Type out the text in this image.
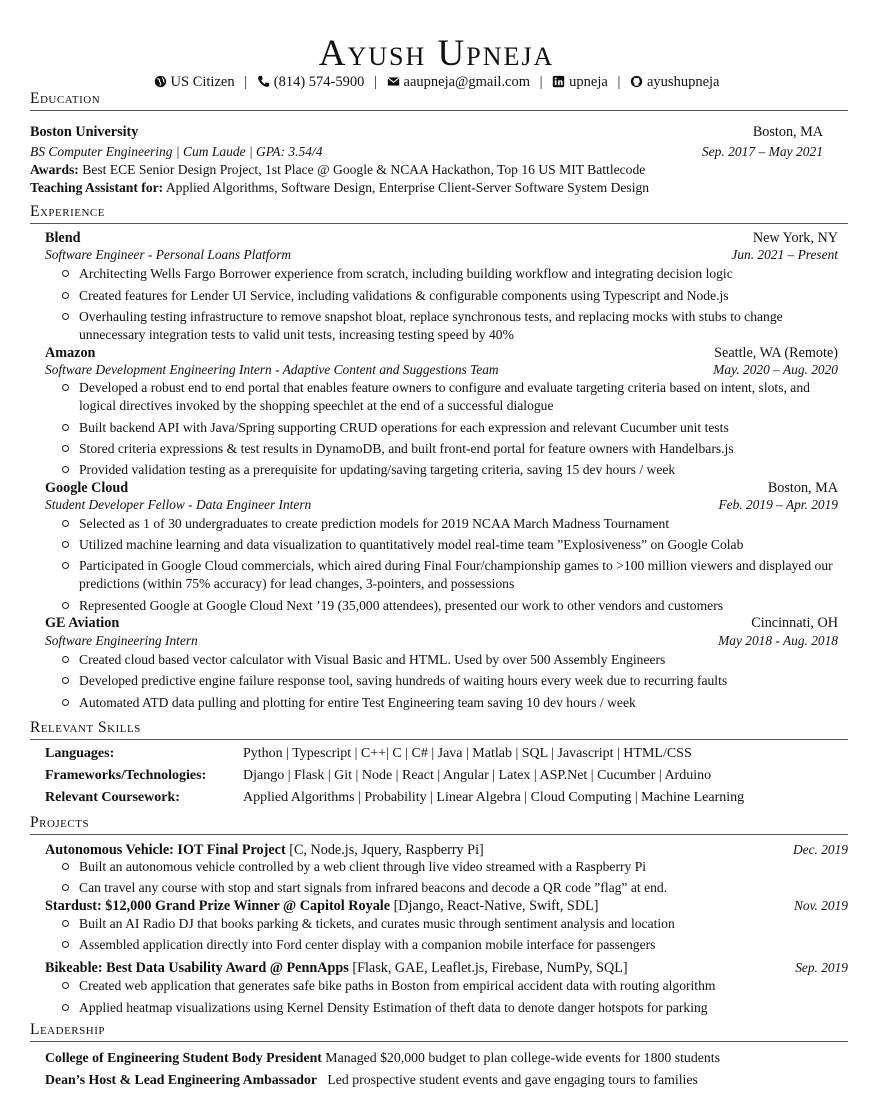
Ayush Upneja
US Citizen | (814) 574-5900 | aaupneja@gmail.com | upneja | ayushupneja
Education
Boston University	Boston, MA
BS Computer Engineering | Cum Laude | GPA: 3.54/4	Sep. 2017 – May 2021
Awards: Best ECE Senior Design Project, 1st Place @ Google & NCAA Hackathon, Top 16 US MIT Battlecode
Teaching Assistant for: Applied Algorithms, Software Design, Enterprise Client-Server Software System Design
Experience
Blend	New York, NY
Software Engineer - Personal Loans Platform	Jun. 2021 – Present
Architecting Wells Fargo Borrower experience from scratch, including building workflow and integrating decision logic
Created features for Lender UI Service, including validations & configurable components using Typescript and Node.js
Overhauling testing infrastructure to remove snapshot bloat, replace synchronous tests, and replacing mocks with stubs to change unnecessary integration tests to valid unit tests, increasing testing speed by 40%
Amazon	Seattle, WA (Remote)
Software Development Engineering Intern - Adaptive Content and Suggestions Team	May. 2020 – Aug. 2020
Developed a robust end to end portal that enables feature owners to configure and evaluate targeting criteria based on intent, slots, and logical directives invoked by the shopping speechlet at the end of a successful dialogue
Built backend API with Java/Spring supporting CRUD operations for each expression and relevant Cucumber unit tests
Stored criteria expressions & test results in DynamoDB, and built front-end portal for feature owners with Handelbars.js
Provided validation testing as a prerequisite for updating/saving targeting criteria, saving 15 dev hours / week
Google Cloud	Boston, MA
Student Developer Fellow - Data Engineer Intern	Feb. 2019 – Apr. 2019
Selected as 1 of 30 undergraduates to create prediction models for 2019 NCAA March Madness Tournament
Utilized machine learning and data visualization to quantitatively model real-time team ”Explosiveness” on Google Colab
Participated in Google Cloud commercials, which aired during Final Four/championship games to >100 million viewers and displayed our predictions (within 75% accuracy) for lead changes, 3-pointers, and possessions
Represented Google at Google Cloud Next ’19 (35,000 attendees), presented our work to other vendors and customers
GE Aviation	Cincinnati, OH
Software Engineering Intern	May 2018 - Aug. 2018
Created cloud based vector calculator with Visual Basic and HTML. Used by over 500 Assembly Engineers
Developed predictive engine failure response tool, saving hundreds of waiting hours every week due to recurring faults
Automated ATD data pulling and plotting for entire Test Engineering team saving 10 dev hours / week
Relevant Skills
Languages:	Python | Typescript | C++| C | C# | Java | Matlab | SQL | Javascript | HTML/CSS
Frameworks/Technologies:	Django | Flask | Git | Node | React | Angular | Latex | ASP.Net | Cucumber | Arduino
Relevant Coursework:	Applied Algorithms | Probability | Linear Algebra | Cloud Computing | Machine Learning
Projects
Autonomous Vehicle: IOT Final Project [C, Node.js, Jquery, Raspberry Pi]	Dec. 2019
Built an autonomous vehicle controlled by a web client through live video streamed with a Raspberry Pi
Can travel any course with stop and start signals from infrared beacons and decode a QR code ”flag” at end.
Stardust: $12,000 Grand Prize Winner @ Capitol Royale [Django, React-Native, Swift, SDL]	Nov. 2019
Built an AI Radio DJ that books parking & tickets, and curates music through sentiment analysis and location
Assembled application directly into Ford center display with a companion mobile interface for passengers
Bikeable: Best Data Usability Award @ PennApps [Flask, GAE, Leaflet.js, Firebase, NumPy, SQL]	Sep. 2019
Created web application that generates safe bike paths in Boston from empirical accident data with routing algorithm
Applied heatmap visualizations using Kernel Density Estimation of theft data to denote danger hotspots for parking
Leadership
College of Engineering Student Body President Managed $20,000 budget to plan college-wide events for 1800 students
Dean’s Host & Lead Engineering Ambassador Led prospective student events and gave engaging tours to families
